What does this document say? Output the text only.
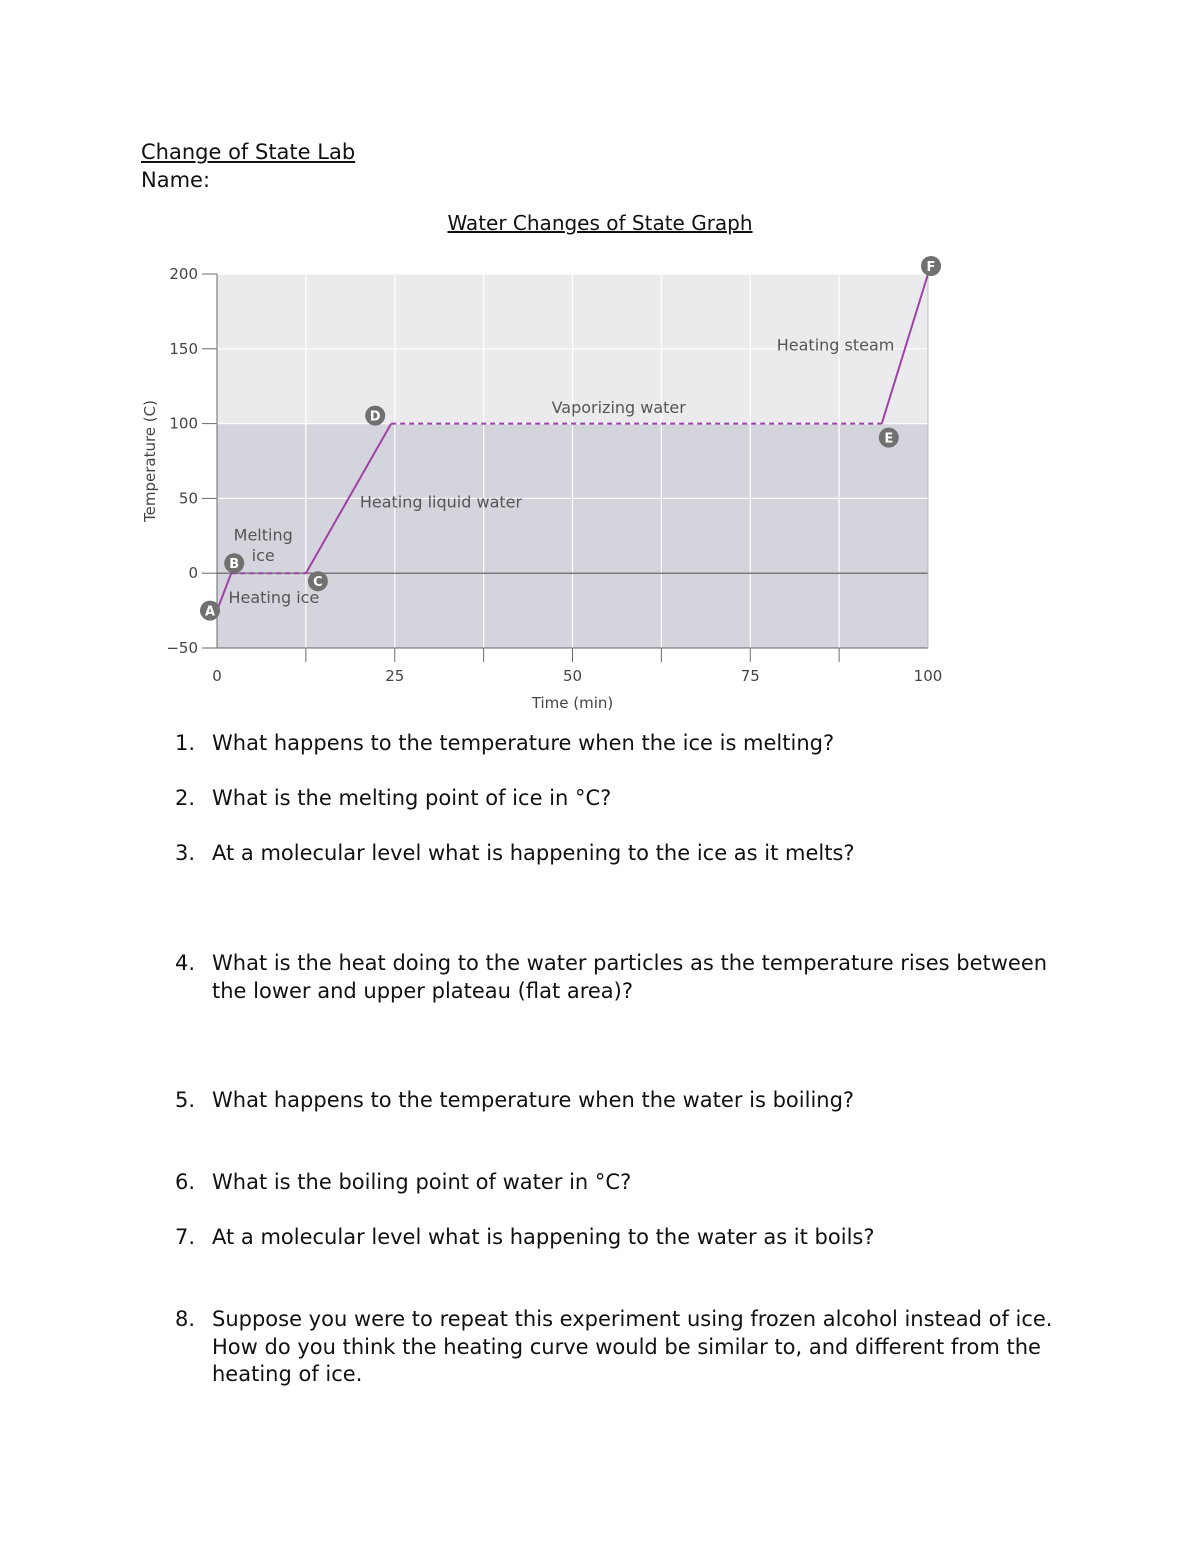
Change of State Lab
Name:
Water Changes of State Graph
−50
0
50
100
150
200
0	25	50	75	100
Time (min)
Temperature (C)
A
B
C
D
E
F
Heating ice
Melting
ice
Heating liquid water
Vaporizing water
Heating steam
1. What happens to the temperature when the ice is melting?
2. What is the melting point of ice in °C?
3. At a molecular level what is happening to the ice as it melts?
4. What is the heat doing to the water particles as the temperature rises between the lower and upper plateau (flat area)?
5. What happens to the temperature when the water is boiling?
6. What is the boiling point of water in °C?
7. At a molecular level what is happening to the water as it boils?
8. Suppose you were to repeat this experiment using frozen alcohol instead of ice. How do you think the heating curve would be similar to, and different from the heating of ice.
